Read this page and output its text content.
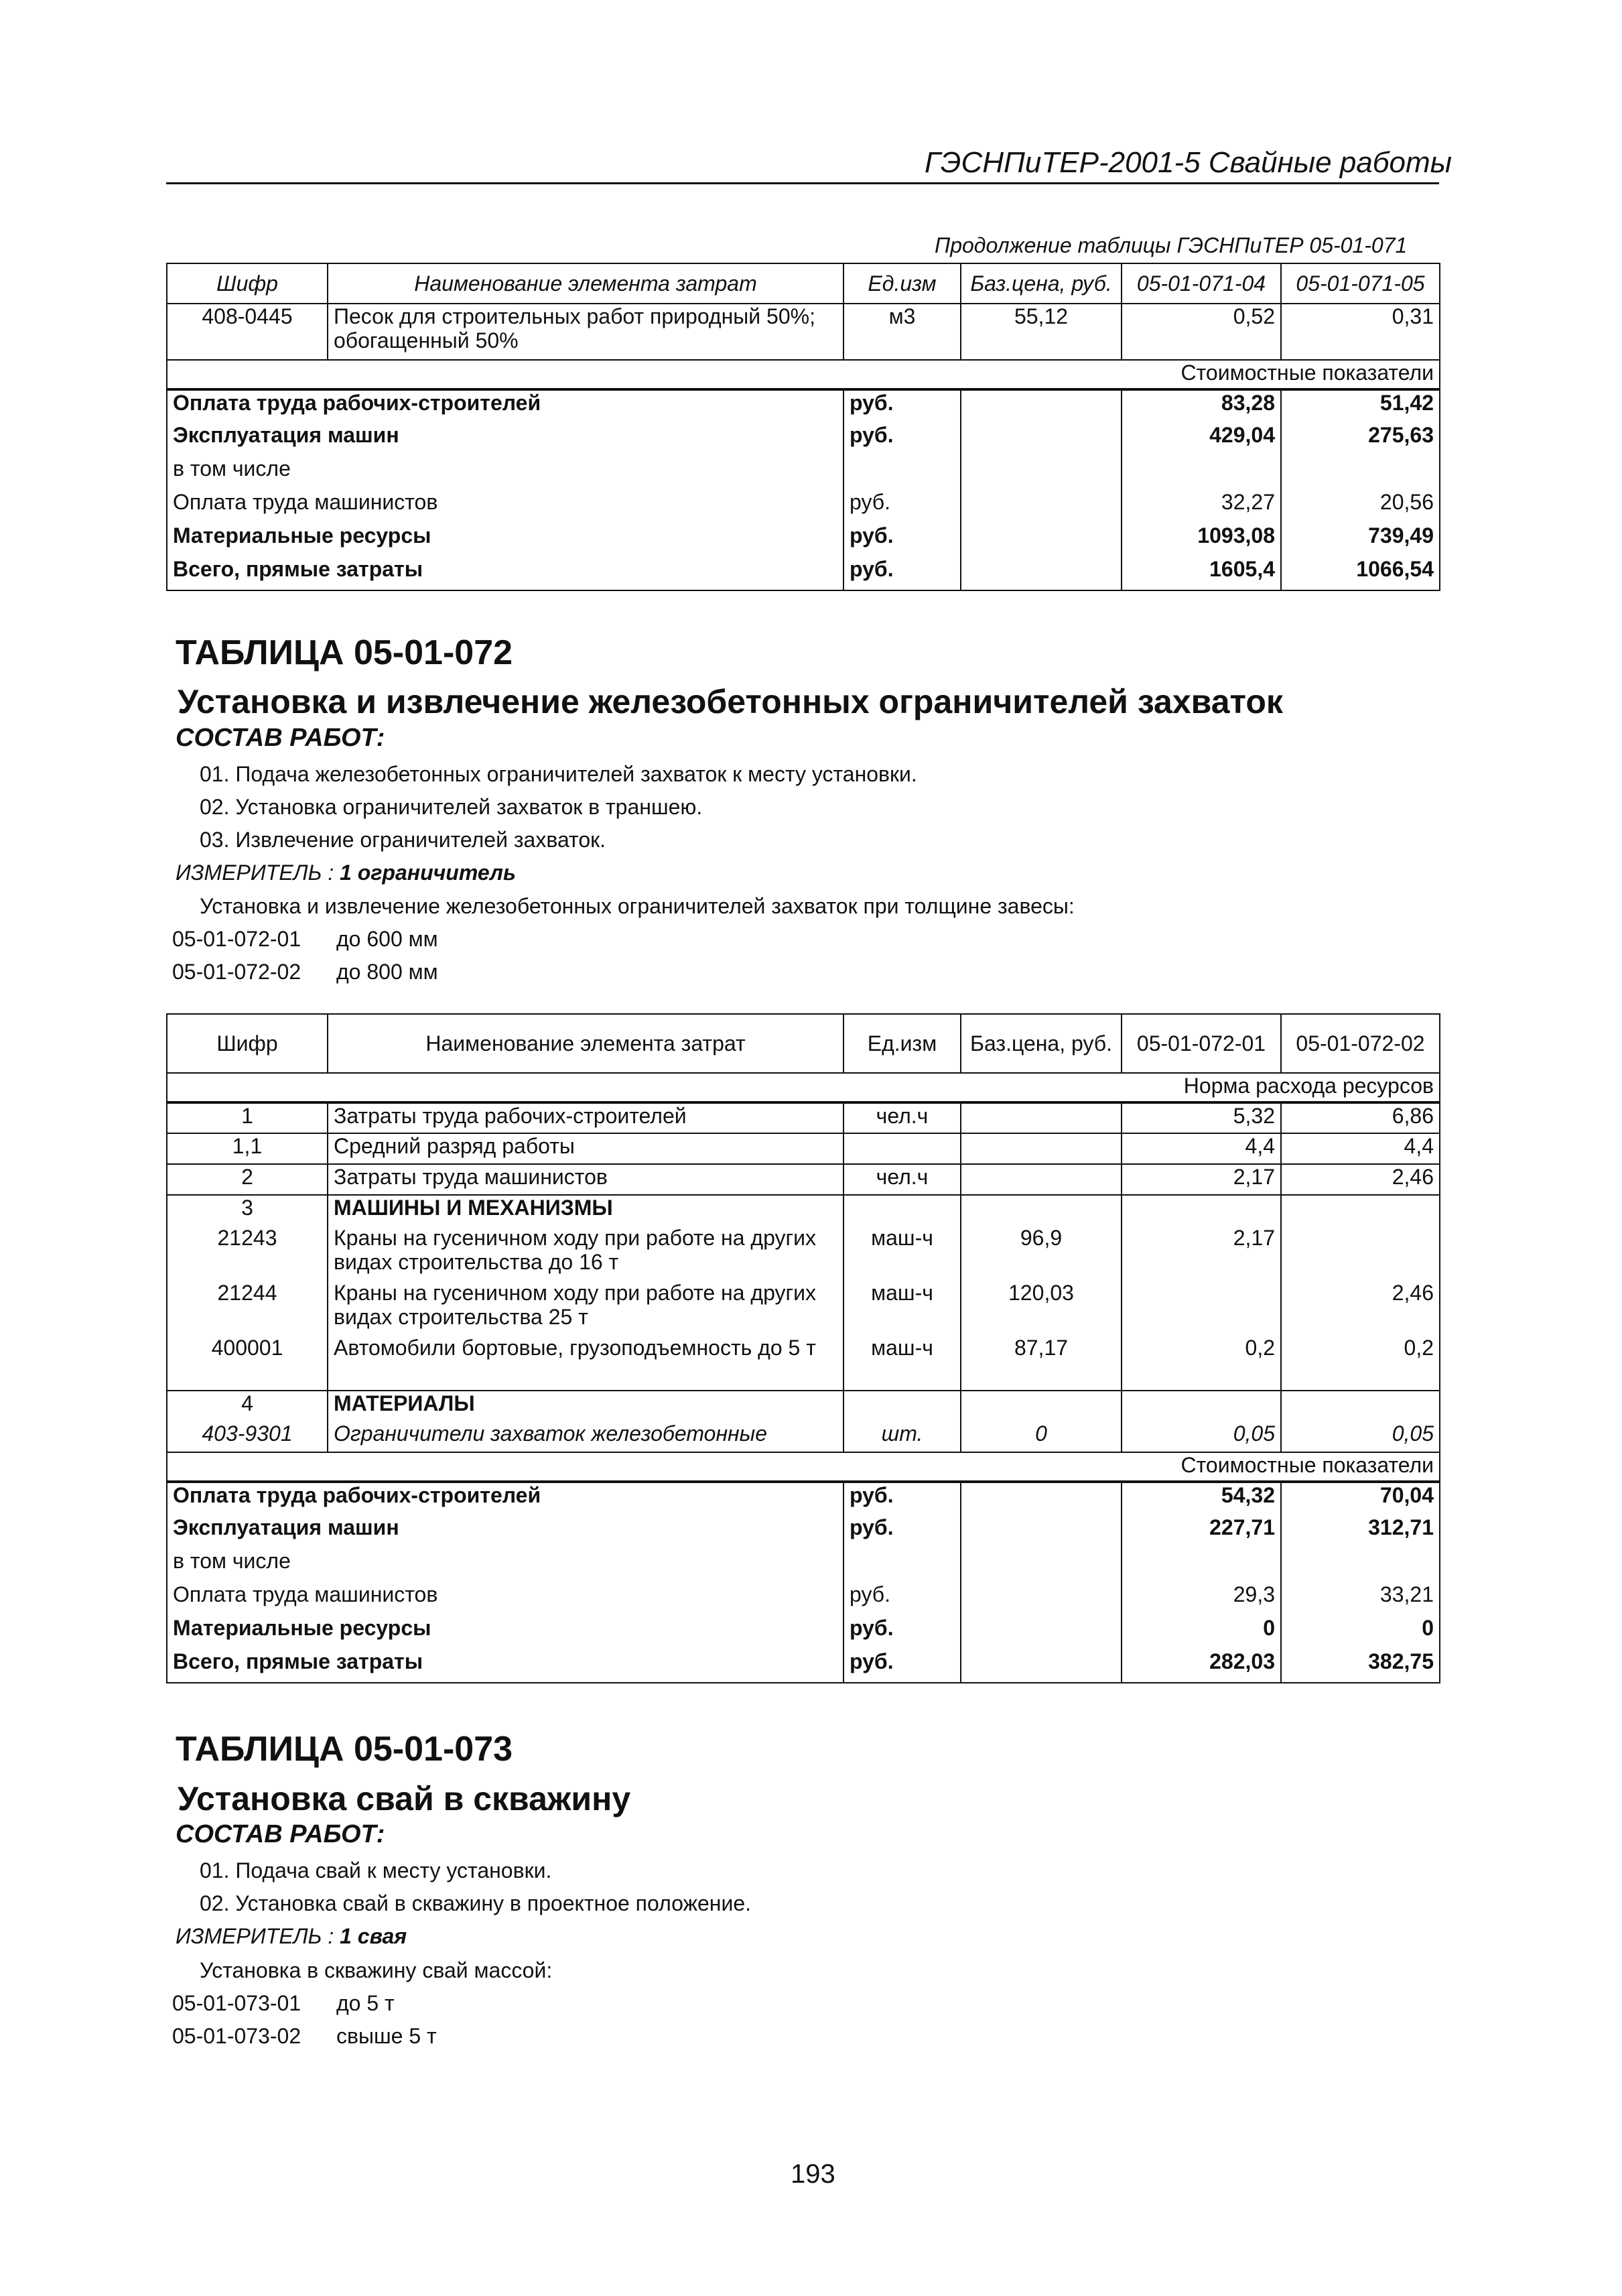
ГЭСНПиТЕР-2001-5 Свайные работы
Продолжение таблицы ГЭСНПиТЕР 05-01-071
Шифр	Наименование элемента затрат	Ед.изм	Баз.цена, руб.	05-01-071-04	05-01-071-05
408-0445	Песок для строительных работ природный 50%; обогащенный 50%	м3	55,12	0,52	0,31
Стоимостные показатели					
Оплата труда рабочих-строителей		руб.		83,28	51,42
Эксплуатация машин		руб.		429,04	275,63
в том числе					
Оплата труда машинистов		руб.		32,27	20,56
Материальные ресурсы		руб.		1093,08	739,49
Всего, прямые затраты		руб.		1605,4	1066,54
ТАБЛИЦА 05-01-072
Установка и извлечение железобетонных ограничителей захваток
СОСТАВ РАБОТ:
01. Подача железобетонных ограничителей захваток к месту установки.
02. Установка ограничителей захваток в траншею.
03. Извлечение ограничителей захваток.
ИЗМЕРИТЕЛЬ : 1 ограничитель
Установка и извлечение железобетонных ограничителей захваток при толщине завесы:
05-01-072-01 до 600 мм
05-01-072-02 до 800 мм
Шифр	Наименование элемента затрат	Ед.изм	Баз.цена, руб.	05-01-072-01	05-01-072-02
Норма расхода ресурсов					
1	Затраты труда рабочих-строителей	чел.ч		5,32	6,86
1,1	Средний разряд работы			4,4	4,4
2	Затраты труда машинистов	чел.ч		2,17	2,46
3	МАШИНЫ И МЕХАНИЗМЫ				
21243	Краны на гусеничном ходу при работе на других видах строительства до 16 т	маш-ч	96,9	2,17	
21244	Краны на гусеничном ходу при работе на других видах строительства 25 т	маш-ч	120,03		2,46
400001	Автомобили бортовые, грузоподъемность до 5 т	маш-ч	87,17	0,2	0,2
4	МАТЕРИАЛЫ				
403-9301	Ограничители захваток железобетонные	шт.	0	0,05	0,05
Стоимостные показатели					
Оплата труда рабочих-строителей		руб.		54,32	70,04
Эксплуатация машин		руб.		227,71	312,71
в том числе					
Оплата труда машинистов		руб.		29,3	33,21
Материальные ресурсы		руб.		0	0
Всего, прямые затраты		руб.		282,03	382,75
ТАБЛИЦА 05-01-073
Установка свай в скважину
СОСТАВ РАБОТ:
01. Подача свай к месту установки.
02. Установка свай в скважину в проектное положение.
ИЗМЕРИТЕЛЬ : 1 свая
Установка в скважину свай массой:
05-01-073-01 до 5 т
05-01-073-02 свыше 5 т
193
